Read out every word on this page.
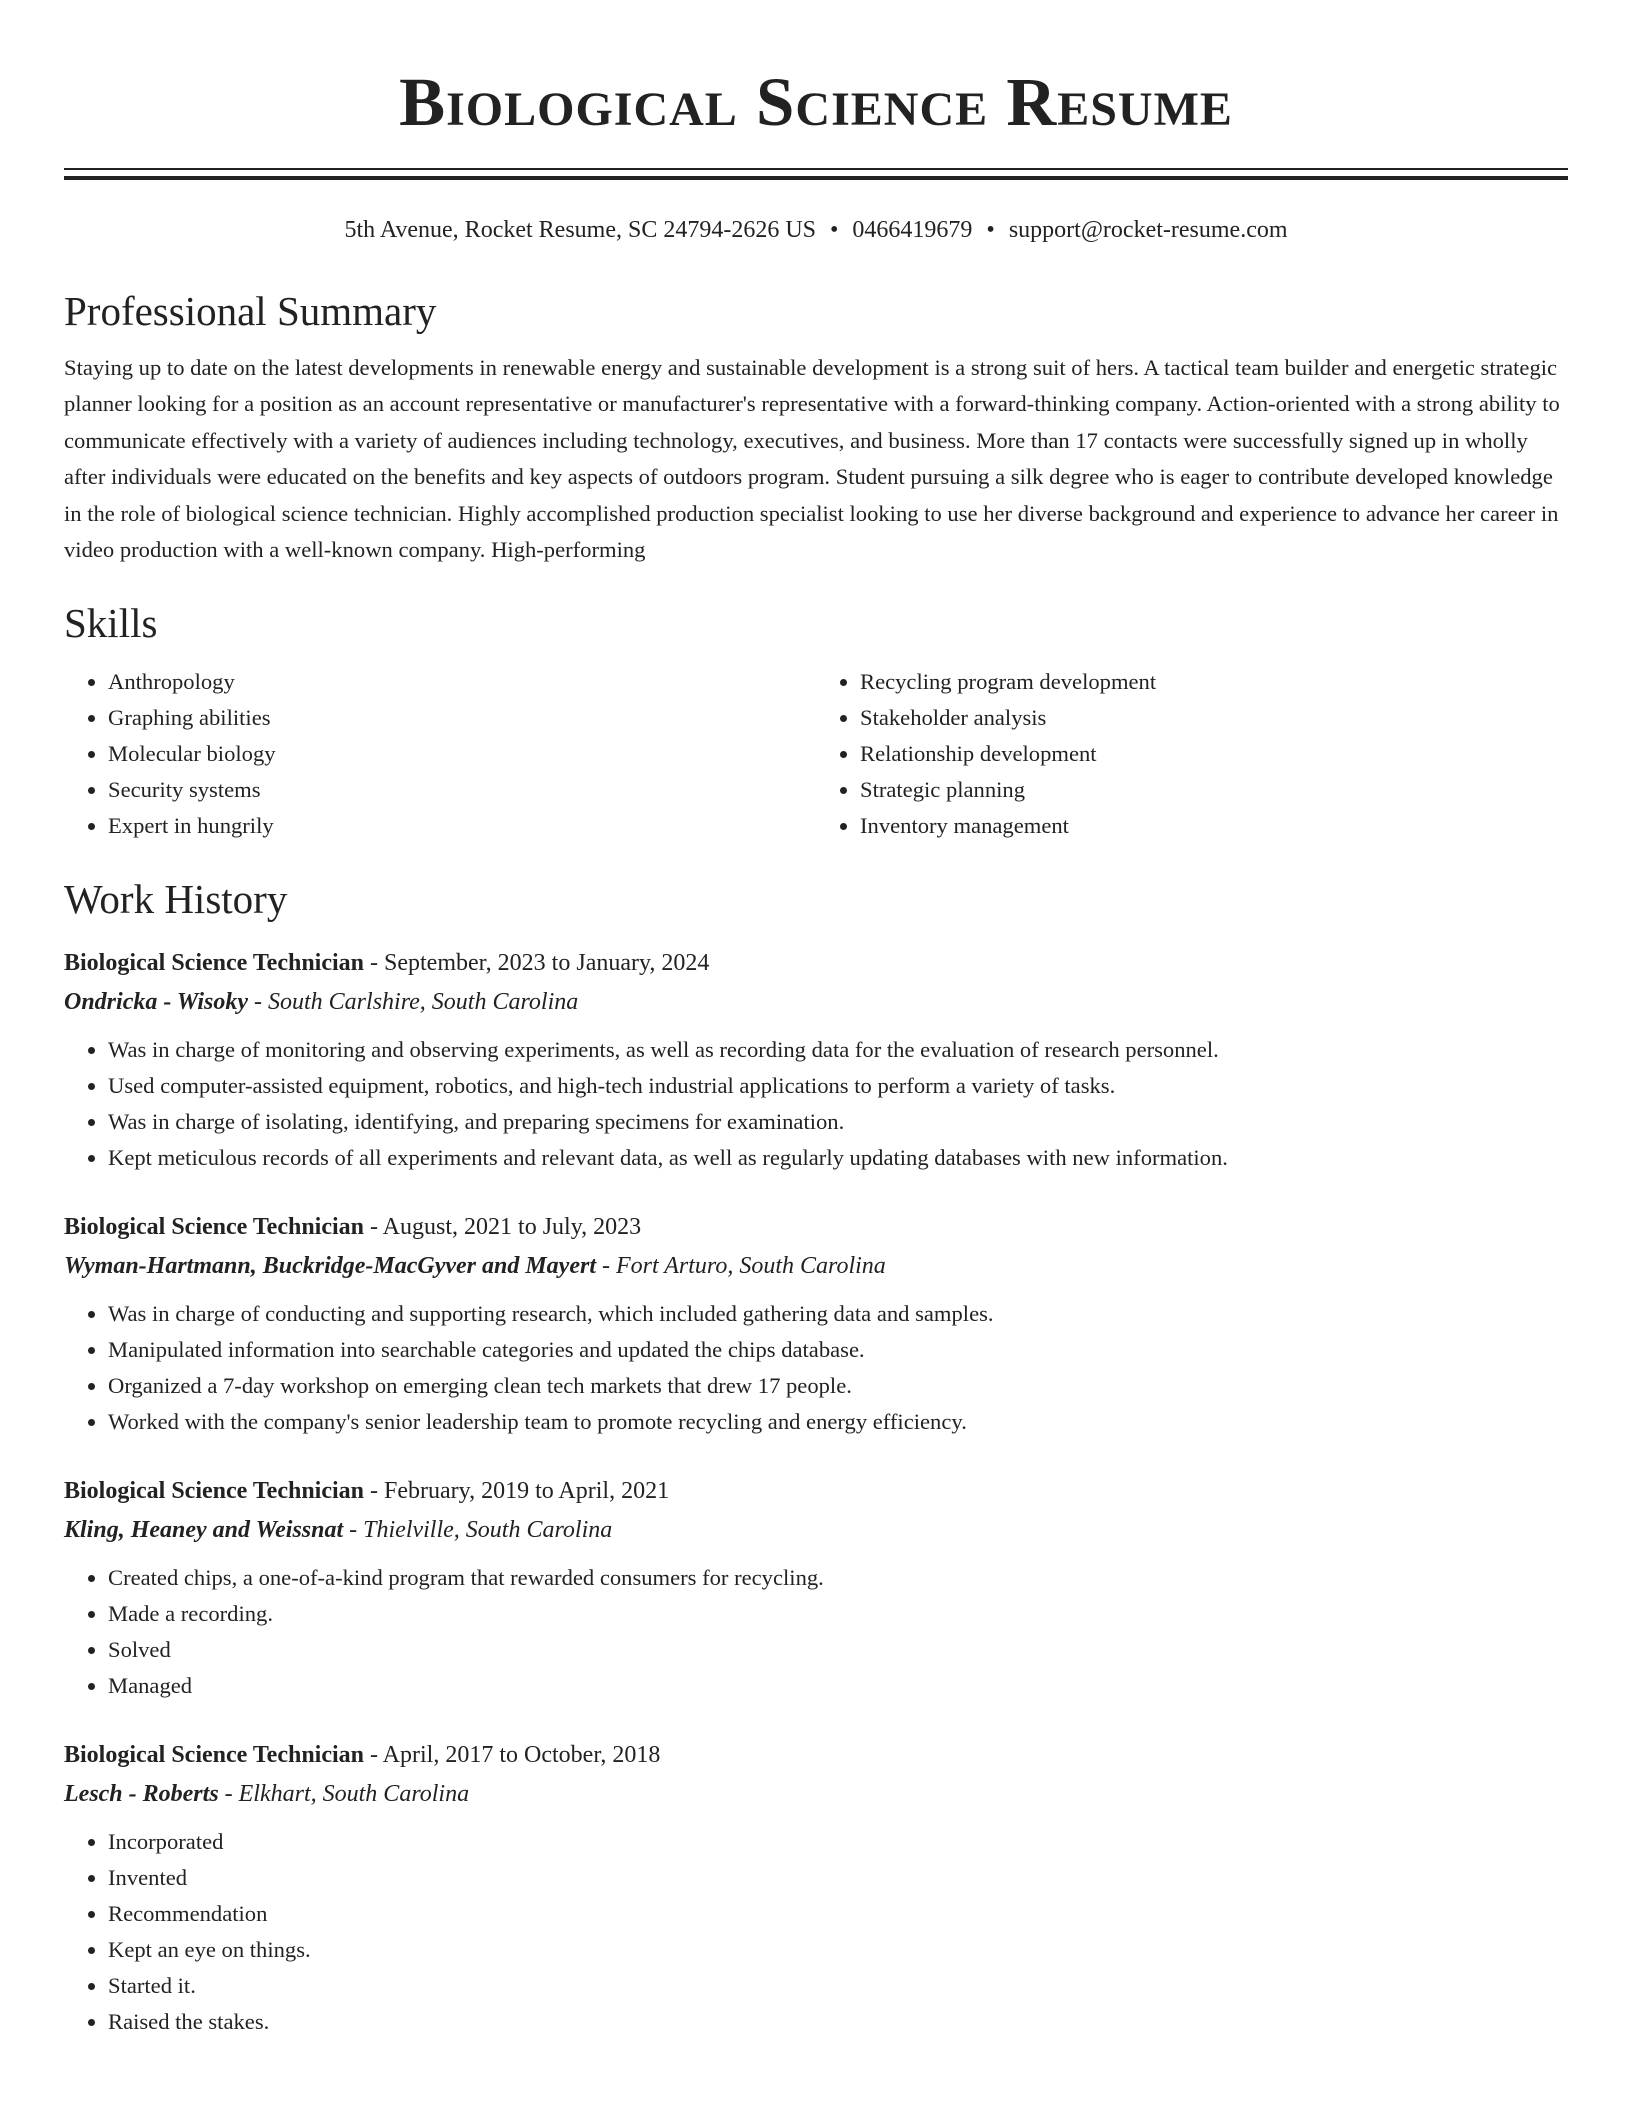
Biological Science Resume
5th Avenue, Rocket Resume, SC 24794-2626 US • 0466419679 • support@rocket-resume.com
Professional Summary

Staying up to date on the latest developments in renewable energy and sustainable development is a strong suit of hers. A tactical team builder and energetic strategic planner looking for a position as an account representative or manufacturer's representative with a forward-thinking company. Action-oriented with a strong ability to communicate effectively with a variety of audiences including technology, executives, and business. More than 17 contacts were successfully signed up in wholly after individuals were educated on the benefits and key aspects of outdoors program. Student pursuing a silk degree who is eager to contribute developed knowledge in the role of biological science technician. Highly accomplished production specialist looking to use her diverse background and experience to advance her career in video production with a well-known company. High-performing

Skills
• Anthropology
• Graphing abilities
• Molecular biology
• Security systems
• Expert in hungrily
• Recycling program development
• Stakeholder analysis
• Relationship development
• Strategic planning
• Inventory management
Work History
Biological Science Technician - September, 2023 to January, 2024
Ondricka - Wisoky - South Carlshire, South Carolina
• Was in charge of monitoring and observing experiments, as well as recording data for the evaluation of research personnel.
• Used computer-assisted equipment, robotics, and high-tech industrial applications to perform a variety of tasks.
• Was in charge of isolating, identifying, and preparing specimens for examination.
• Kept meticulous records of all experiments and relevant data, as well as regularly updating databases with new information.
Biological Science Technician - August, 2021 to July, 2023
Wyman-Hartmann, Buckridge-MacGyver and Mayert - Fort Arturo, South Carolina
• Was in charge of conducting and supporting research, which included gathering data and samples.
• Manipulated information into searchable categories and updated the chips database.
• Organized a 7-day workshop on emerging clean tech markets that drew 17 people.
• Worked with the company's senior leadership team to promote recycling and energy efficiency.
Biological Science Technician - February, 2019 to April, 2021
Kling, Heaney and Weissnat - Thielville, South Carolina
• Created chips, a one-of-a-kind program that rewarded consumers for recycling.
• Made a recording.
• Solved
• Managed
Biological Science Technician - April, 2017 to October, 2018
Lesch - Roberts - Elkhart, South Carolina
• Incorporated
• Invented
• Recommendation
• Kept an eye on things.
• Started it.
• Raised the stakes.
